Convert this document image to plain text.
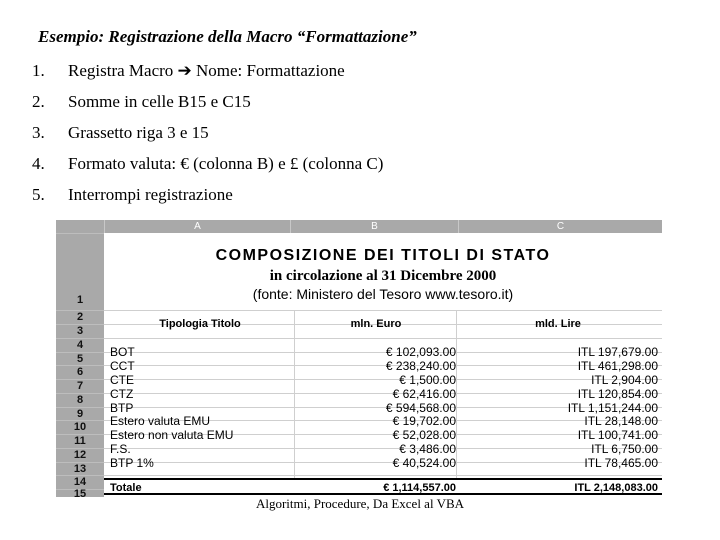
Esempio: Registrazione della Macro “Formattazione”
1.	Registra Macro ➔ Nome: Formattazione
2.	Somme in celle B15 e C15
3.	Grassetto riga 3 e 15
4.	Formato valuta: € (colonna B) e £ (colonna C)
5.	Interrompi registrazione
A	B	C
1
2
3
4
5
6
7
8
9
10
11
12
13
14
15
COMPOSIZIONE DEI TITOLI DI STATO
in circolazione al 31 Dicembre 2000
(fonte: Ministero del Tesoro www.tesoro.it)
Tipologia Titolo	mln. Euro	mld. Lire
BOT	€ 102,093.00	ITL 197,679.00
CCT	€ 238,240.00	ITL 461,298.00
CTE	€ 1,500.00	ITL 2,904.00
CTZ	€ 62,416.00	ITL 120,854.00
BTP	€ 594,568.00	ITL 1,151,244.00
Estero valuta EMU	€ 19,702.00	ITL 28,148.00
Estero non valuta EMU	€ 52,028.00	ITL 100,741.00
F.S.	€ 3,486.00	ITL 6,750.00
BTP 1%	€ 40,524.00	ITL 78,465.00
Totale	€ 1,114,557.00	ITL 2,148,083.00
Algoritmi, Procedure, Da Excel al VBA
